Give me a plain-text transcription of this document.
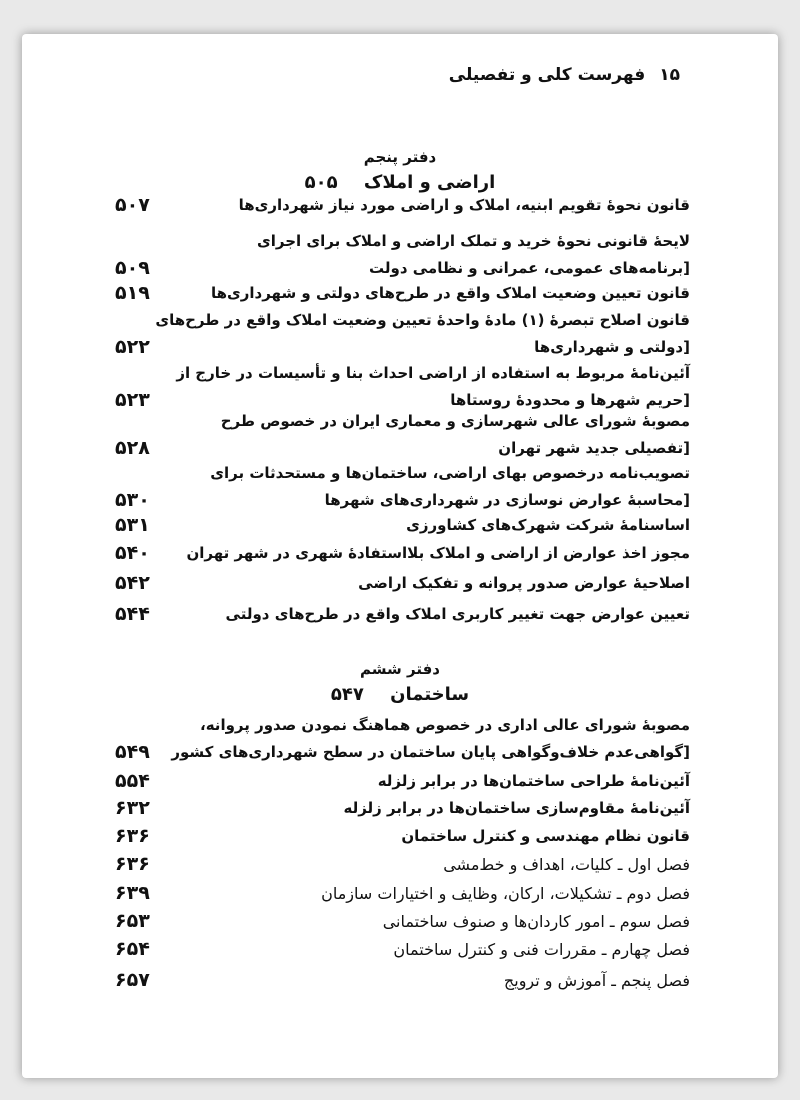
۱۵
فهرست کلی و تفصیلی
دفتر پنجم
اراضی و املاک ۵۰۵
قانون نحوهٔ تقویم ابنیه، املاک و اراضی مورد نیاز شهرداری‌ها
۵۰۷
لایحهٔ قانونی نحوهٔ خرید و تملک اراضی و املاک برای اجرای
[برنامه‌های عمومی، عمرانی و نظامی دولت
۵۰۹
قانون تعیین وضعیت املاک واقع در طرح‌های دولتی و شهرداری‌ها
۵۱۹
قانون اصلاح تبصرهٔ (۱) مادهٔ واحدهٔ تعیین وضعیت املاک واقع در طرح‌های
[دولتی و شهرداری‌ها
۵۲۲
آئین‌نامهٔ مربوط به استفاده از اراضی احداث بنا و تأسیسات در خارج از
[حریم شهرها و محدودهٔ روستاها
۵۲۳
مصوبهٔ شورای عالی شهرسازی و معماری ایران در خصوص طرح
[تفصیلی جدید شهر تهران
۵۲۸
تصویب‌نامه درخصوص بهای اراضی، ساختمان‌ها و مستحدثات برای
[محاسبهٔ عوارض نوسازی در شهرداری‌های شهرها
۵۳۰
اساسنامهٔ شرکت شهرک‌های کشاورزی
۵۳۱
مجوز اخذ عوارض از اراضی و املاک بلااستفادهٔ شهری در شهر تهران
۵۴۰
اصلاحیهٔ عوارض صدور پروانه و تفکیک اراضی
۵۴۲
تعیین عوارض جهت تغییر کاربری املاک واقع در طرح‌های دولتی
۵۴۴
دفتر ششم
ساختمان ۵۴۷
مصوبهٔ شورای عالی اداری در خصوص هماهنگ نمودن صدور پروانه،
[گواهی‌عدم خلاف‌وگواهی پایان ساختمان در سطح شهرداری‌های کشور
۵۴۹
آئین‌نامهٔ طراحی ساختمان‌ها در برابر زلزله
۵۵۴
آئین‌نامهٔ مقاوم‌سازی ساختمان‌ها در برابر زلزله
۶۳۲
قانون نظام مهندسی و کنترل ساختمان
۶۳۶
فصل اول ـ کلیات، اهداف و خط‌مشی
۶۳۶
فصل دوم ـ تشکیلات، ارکان، وظایف و اختیارات سازمان
۶۳۹
فصل سوم ـ امور کاردان‌ها و صنوف ساختمانی
۶۵۳
فصل چهارم ـ مقررات فنی و کنترل ساختمان
۶۵۴
فصل پنجم ـ آموزش و ترویج
۶۵۷
